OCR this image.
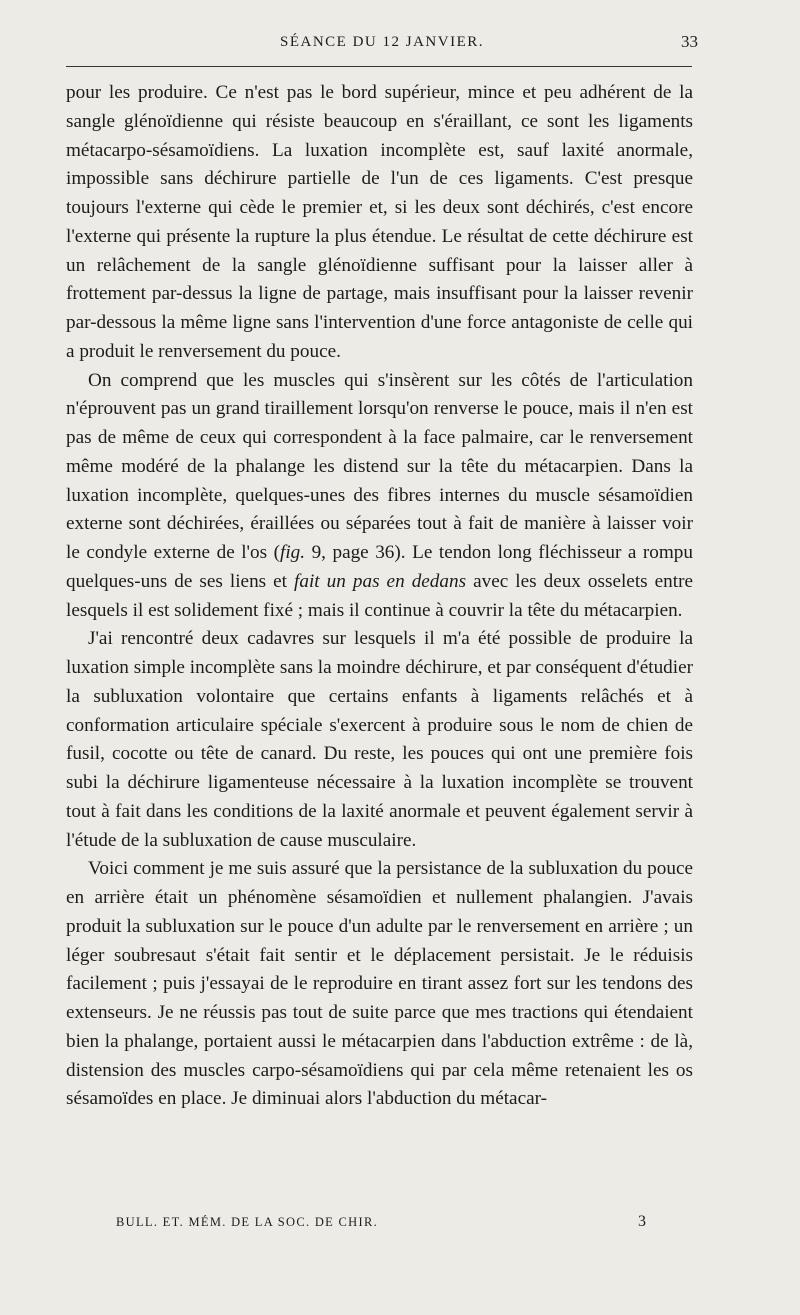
SÉANCE DU 12 JANVIER.	33

pour les produire. Ce n'est pas le bord supérieur, mince et peu adhérent de la sangle glénoïdienne qui résiste beaucoup en s'éraillant, ce sont les ligaments métacarpo-sésamoïdiens. La luxation incomplète est, sauf laxité anormale, impossible sans déchirure partielle de l'un de ces ligaments. C'est presque toujours l'externe qui cède le premier et, si les deux sont déchirés, c'est encore l'externe qui présente la rupture la plus étendue. Le résultat de cette déchirure est un relâchement de la sangle glénoïdienne suffisant pour la laisser aller à frottement par-dessus la ligne de partage, mais insuffisant pour la laisser revenir par-dessous la même ligne sans l'intervention d'une force antagoniste de celle qui a produit le renversement du pouce.

On comprend que les muscles qui s'insèrent sur les côtés de l'articulation n'éprouvent pas un grand tiraillement lorsqu'on renverse le pouce, mais il n'en est pas de même de ceux qui correspondent à la face palmaire, car le renversement même modéré de la phalange les distend sur la tête du métacarpien. Dans la luxation incomplète, quelques-unes des fibres internes du muscle sésamoïdien externe sont déchirées, éraillées ou séparées tout à fait de manière à laisser voir le condyle externe de l'os (fig. 9, page 36). Le tendon long fléchisseur a rompu quelques-uns de ses liens et fait un pas en dedans avec les deux osselets entre lesquels il est solidement fixé ; mais il continue à couvrir la tête du métacarpien.

J'ai rencontré deux cadavres sur lesquels il m'a été possible de produire la luxation simple incomplète sans la moindre déchirure, et par conséquent d'étudier la subluxation volontaire que certains enfants à ligaments relâchés et à conformation articulaire spéciale s'exercent à produire sous le nom de chien de fusil, cocotte ou tête de canard. Du reste, les pouces qui ont une première fois subi la déchirure ligamenteuse nécessaire à la luxation incomplète se trouvent tout à fait dans les conditions de la laxité anormale et peuvent également servir à l'étude de la subluxation de cause musculaire.

Voici comment je me suis assuré que la persistance de la subluxation du pouce en arrière était un phénomène sésamoïdien et nullement phalangien. J'avais produit la subluxation sur le pouce d'un adulte par le renversement en arrière ; un léger soubresaut s'était fait sentir et le déplacement persistait. Je le réduisis facilement ; puis j'essayai de le reproduire en tirant assez fort sur les tendons des extenseurs. Je ne réussis pas tout de suite parce que mes tractions qui étendaient bien la phalange, portaient aussi le métacarpien dans l'abduction extrême : de là, distension des muscles carpo-sésamoïdiens qui par cela même retenaient les os sésamoïdes en place. Je diminuai alors l'abduction du métacar-

BULL. ET. MÉM. DE LA SOC. DE CHIR.	3
